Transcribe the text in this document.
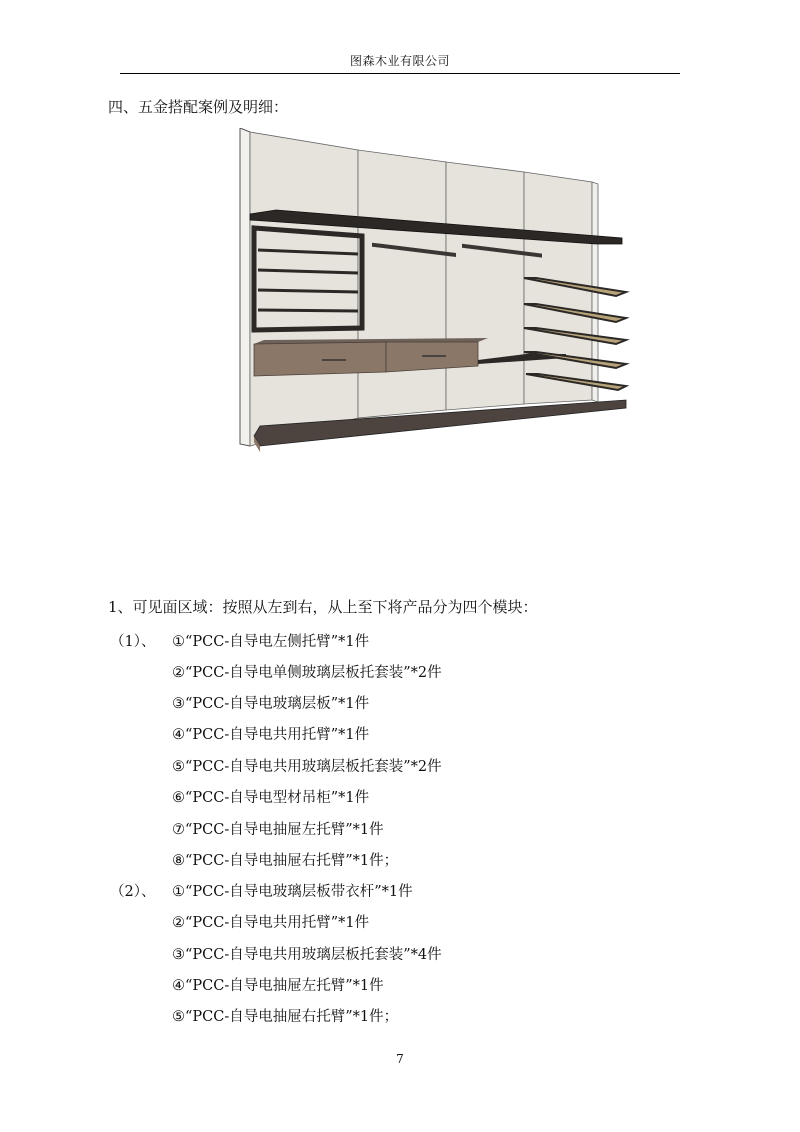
图森木业有限公司
四、五金搭配案例及明细：
1、可见面区域：按照从左到右，从上至下将产品分为四个模块：
（1）、 ①“PCC-自导电左侧托臂”*1件
②“PCC-自导电单侧玻璃层板托套装”*2件
③“PCC-自导电玻璃层板”*1件
④“PCC-自导电共用托臂”*1件
⑤“PCC-自导电共用玻璃层板托套装”*2件
⑥“PCC-自导电型材吊柜”*1件
⑦“PCC-自导电抽屉左托臂”*1件
⑧“PCC-自导电抽屉右托臂”*1件；
（2）、 ①“PCC-自导电玻璃层板带衣杆”*1件
②“PCC-自导电共用托臂”*1件
③“PCC-自导电共用玻璃层板托套装”*4件
④“PCC-自导电抽屉左托臂”*1件
⑤“PCC-自导电抽屉右托臂”*1件；
7
